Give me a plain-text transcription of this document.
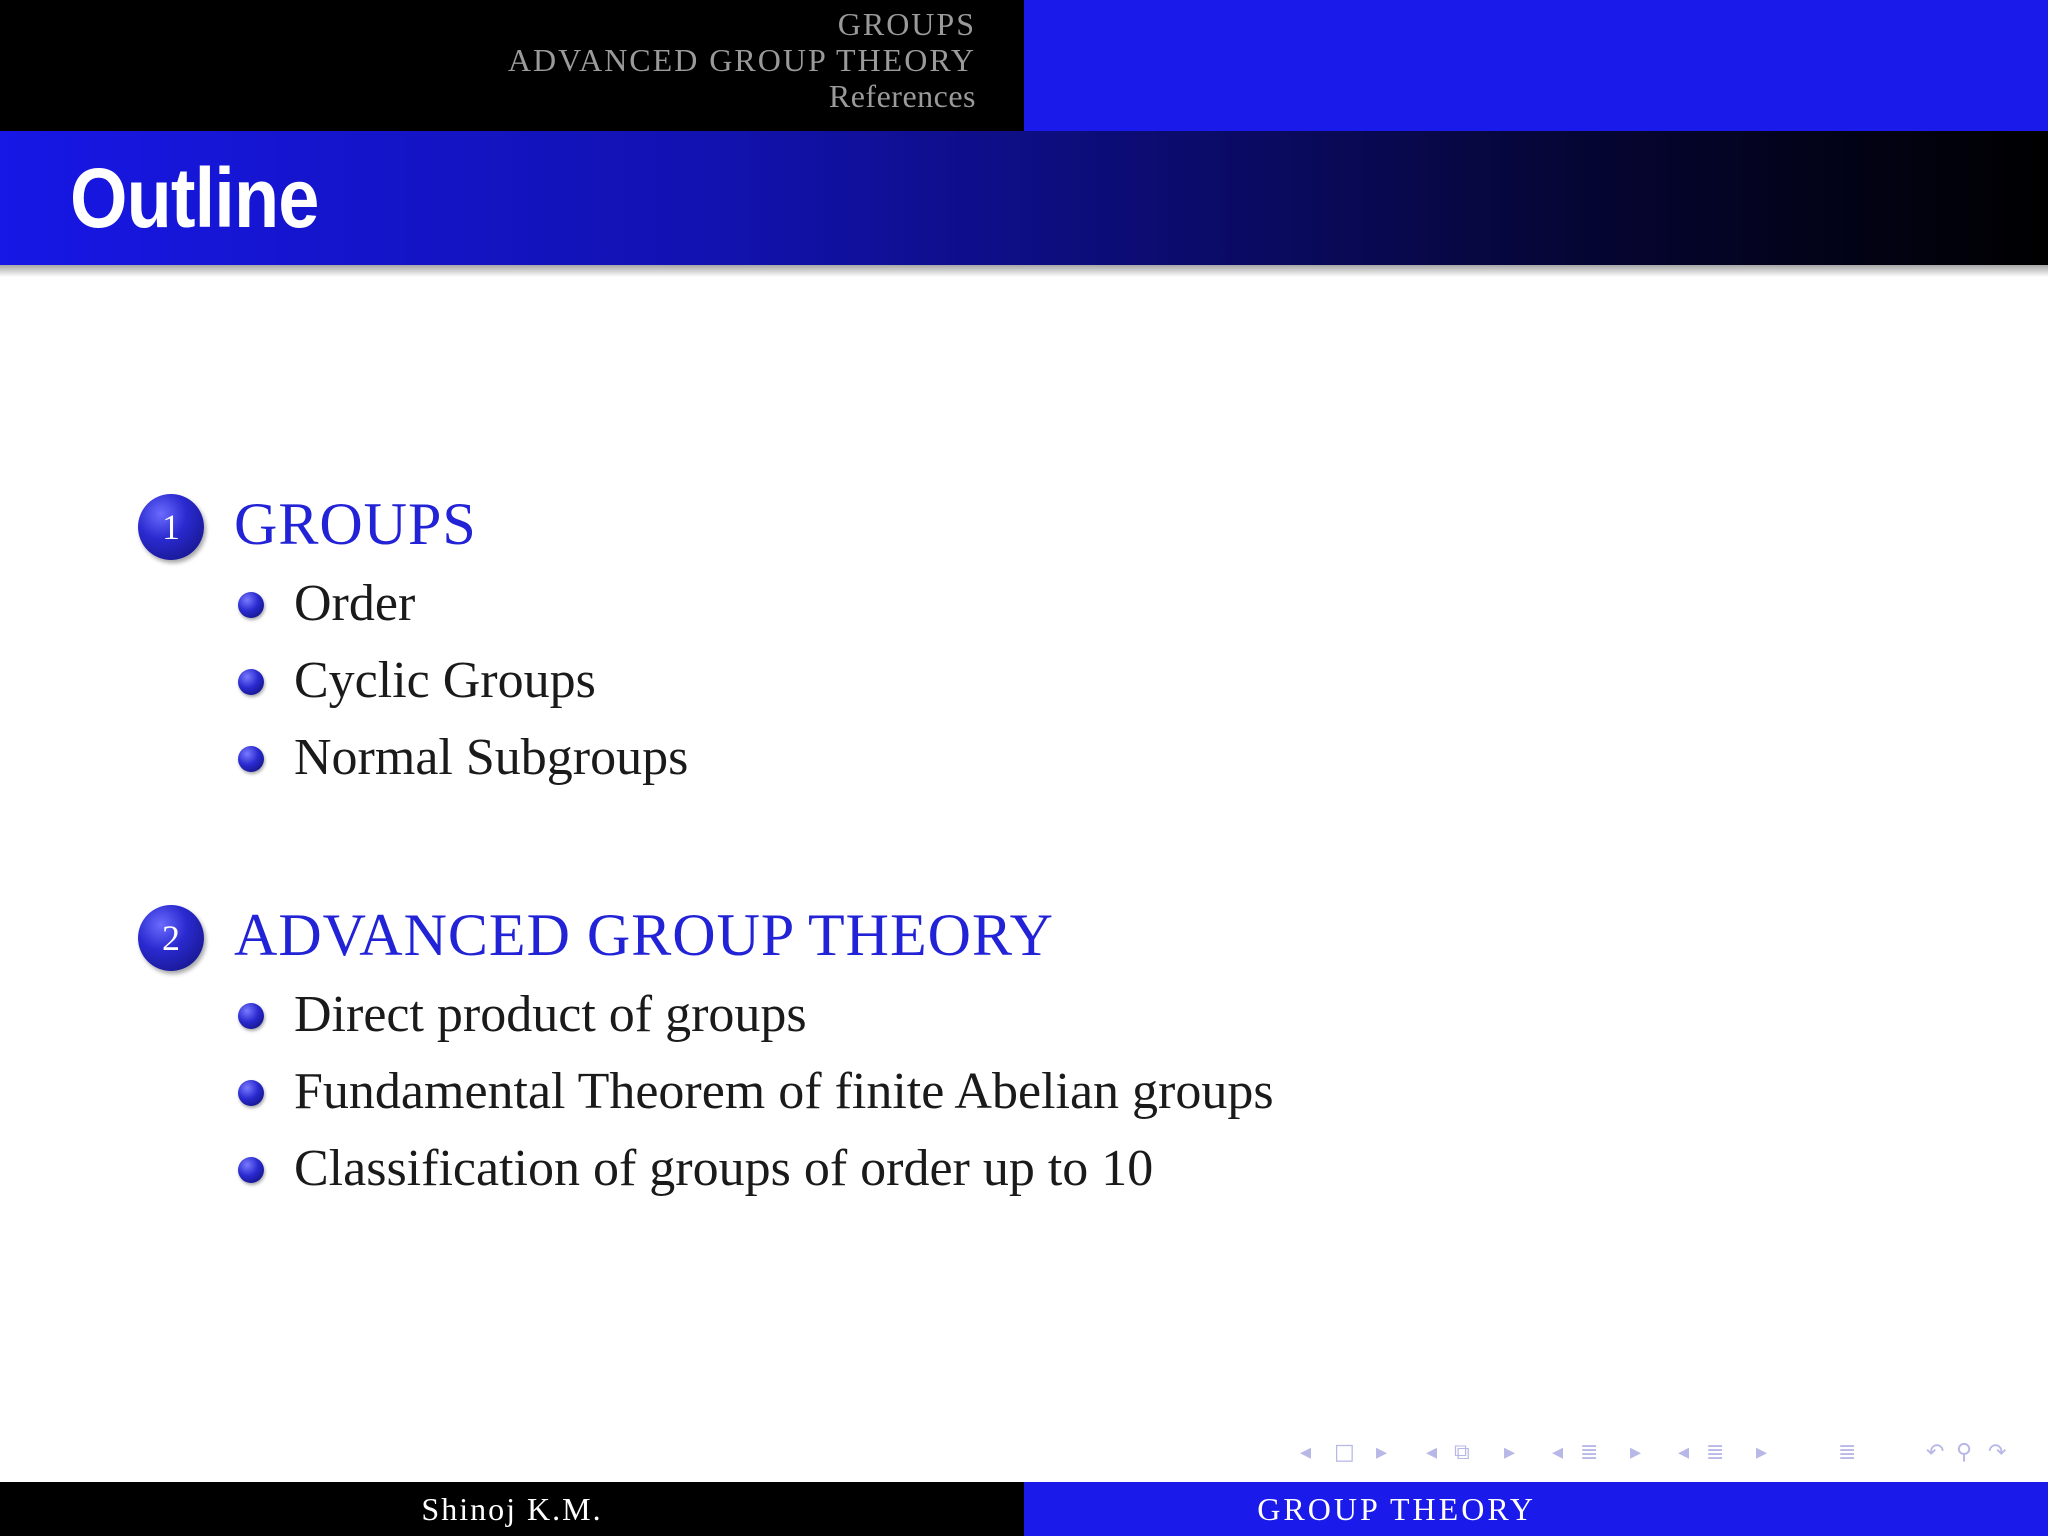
GROUPS
ADVANCED GROUP THEORY
References
Outline
1 GROUPS
Order
Cyclic Groups
Normal Subgroups
2 ADVANCED GROUP THEORY
Direct product of groups
Fundamental Theorem of finite Abelian groups
Classification of groups of order up to 10
◂ □ ▸ ◂ ⧉ ▸ ◂ ≣ ▸ ◂ ≣ ▸	≣	↶ ⚲ ↷
Shinoj K.M.	GROUP THEORY
